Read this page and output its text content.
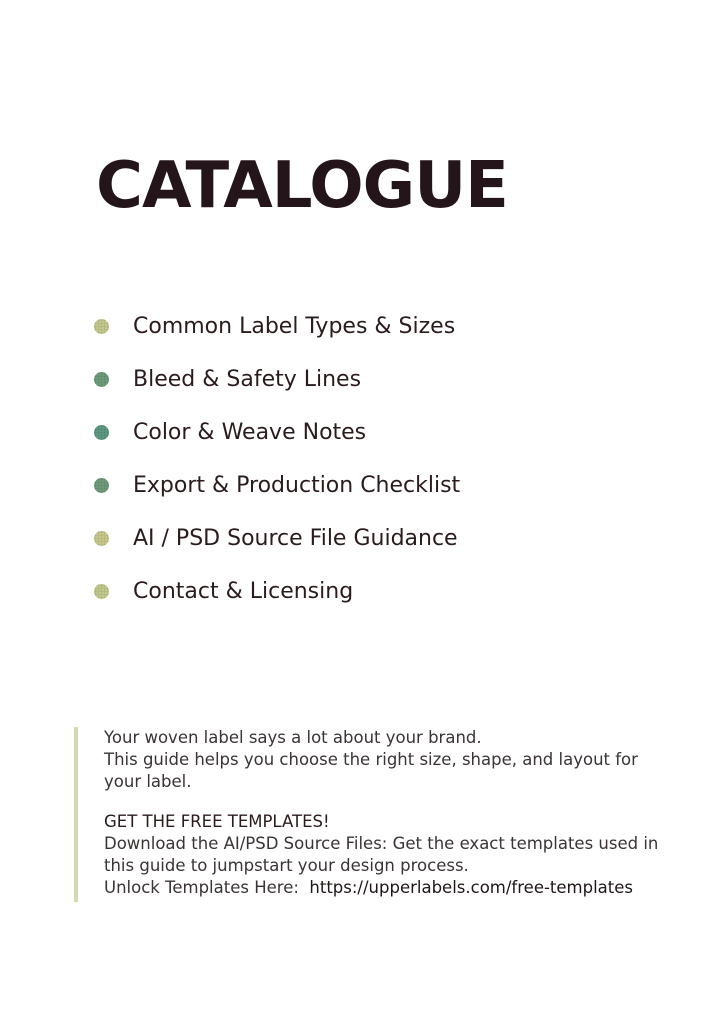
CATALOGUE
Common Label Types & Sizes
Bleed & Safety Lines
Color & Weave Notes
Export & Production Checklist
AI / PSD Source File Guidance
Contact & Licensing

Your woven label says a lot about your brand.
This guide helps you choose the right size, shape, and layout for your label.

GET THE FREE TEMPLATES!

Download the AI/PSD Source Files: Get the exact templates used in this guide to jumpstart your design process.

Unlock Templates Here: https://upperlabels.com/free-templates
